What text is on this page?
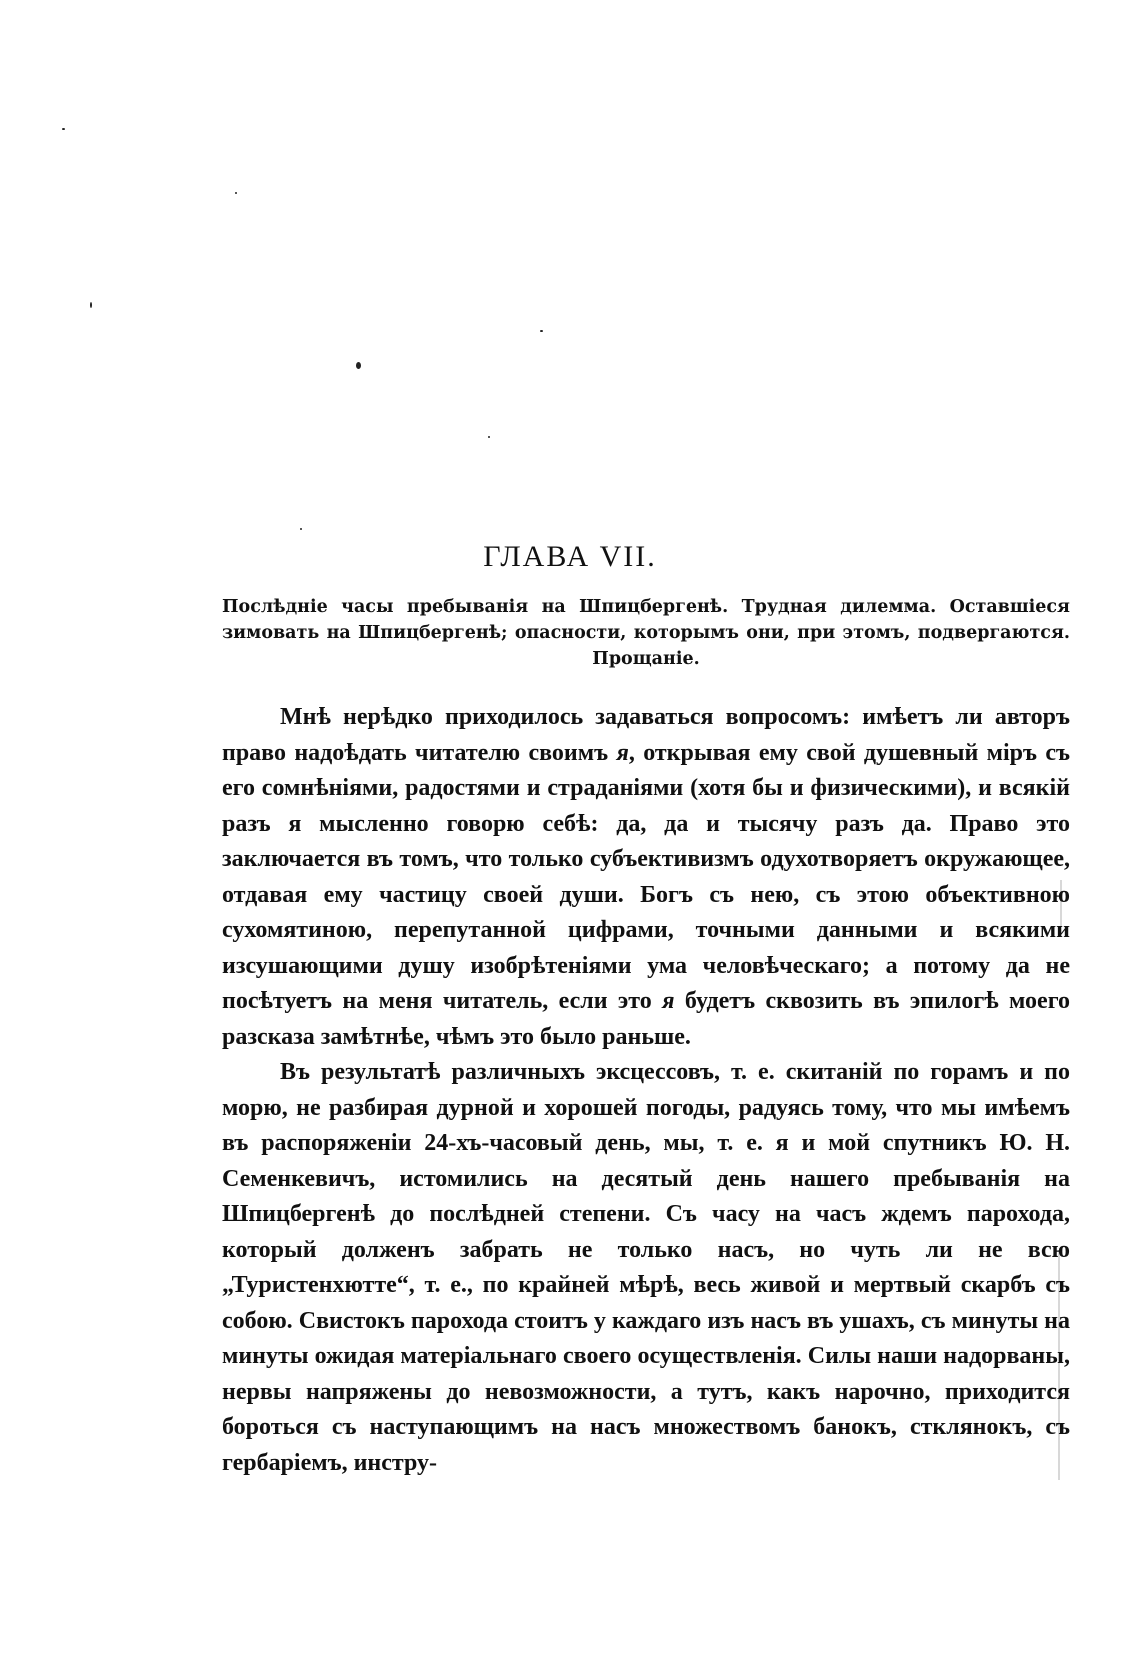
ГЛАВА VII.

Послѣдніе часы пребыванія на Шпицбергенѣ. Трудная дилемма. Оставшіеся зимовать на Шпицбергенѣ; опасности, которымъ они, при этомъ, подвергаются. Прощаніе.

Мнѣ нерѣдко приходилось задаваться вопросомъ: имѣетъ ли авторъ право надоѣдать читателю своимъ я, открывая ему свой душевный міръ съ его сомнѣніями, радостями и страданіями (хотя бы и физическими), и всякій разъ я мысленно говорю себѣ: да, да и тысячу разъ да. Право это заключается въ томъ, что только субъективизмъ одухотворяетъ окружающее, отдавая ему частицу своей души. Богъ съ нею, съ этою объективною сухомятиною, перепутанной цифрами, точными данными и всякими изсушающими душу изобрѣтеніями ума человѣческаго; а потому да не посѣтуетъ на меня читатель, если это я будетъ сквозить въ эпилогѣ моего разсказа замѣтнѣе, чѣмъ это было раньше.

Въ результатѣ различныхъ эксцессовъ, т. е. скитаній по горамъ и по морю, не разбирая дурной и хорошей погоды, радуясь тому, что мы имѣемъ въ распоряженіи 24-хъ-часовый день, мы, т. е. я и мой спутникъ Ю. Н. Семенкевичъ, истомились на десятый день нашего пребыванія на Шпицбергенѣ до послѣдней степени. Съ часу на часъ ждемъ парохода, который долженъ забрать не только насъ, но чуть ли не всю „Туристенхютте“, т. е., по крайней мѣрѣ, весь живой и мертвый скарбъ съ собою. Свистокъ парохода стоитъ у каждаго изъ насъ въ ушахъ, съ минуты на минуты ожидая матеріальнаго своего осуществленія. Силы наши надорваны, нервы напряжены до невозможности, а тутъ, какъ нарочно, приходится бороться съ наступающимъ на насъ множествомъ банокъ, стклянокъ, съ гербаріемъ, инстру-
